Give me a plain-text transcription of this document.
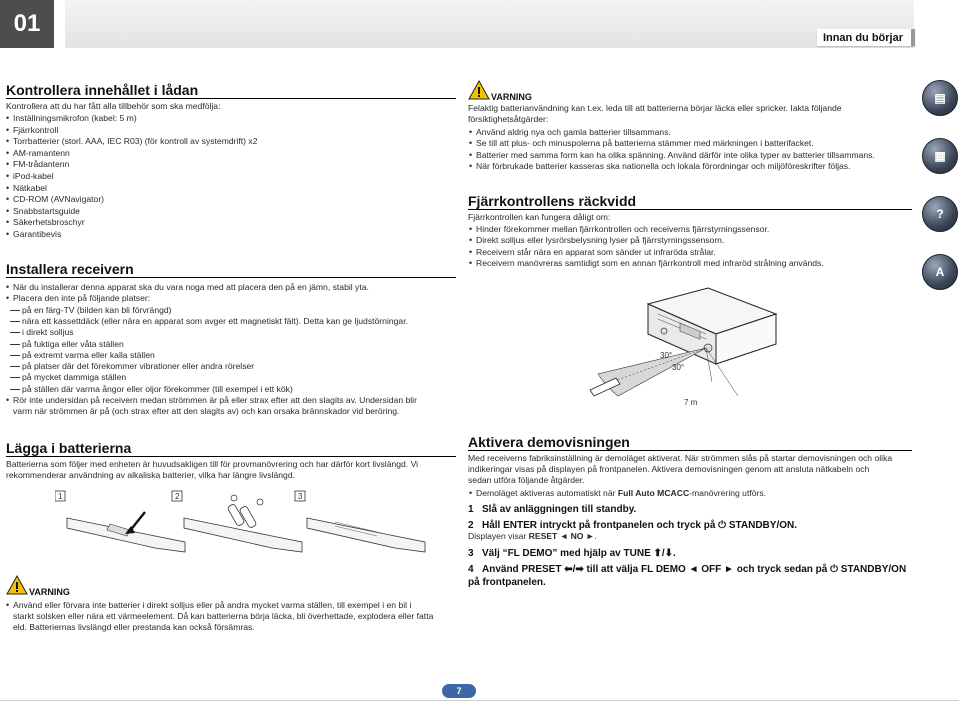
01
Innan du börjar
▤
▦
?
A
Kontrollera innehållet i lådan
Kontrollera att du har fått alla tillbehör som ska medfölja:
• Inställningsmikrofon (kabel: 5 m)
• Fjärrkontroll
• Torrbatterier (storl. AAA, IEC R03) (för kontroll av systemdrift) x2
• AM-ramantenn
• FM-trådantenn
• iPod-kabel
• Nätkabel
• CD-ROM (AVNavigator)
• Snabbstartsguide
• Säkerhetsbroschyr
• Garantibevis
Installera receivern
• När du installerar denna apparat ska du vara noga med att placera den på en jämn, stabil yta.
• Placera den inte på följande platser:
på en färg-TV (bilden kan bli förvrängd)
nära ett kassettdäck (eller nära en apparat som avger ett magnetiskt fält). Detta kan ge ljudstörningar.
i direkt solljus
på fuktiga eller våta ställen
på extremt varma eller kalla ställen
på platser där det förekommer vibrationer eller andra rörelser
på mycket dammiga ställen
på ställen där varma ångor eller oljor förekommer (till exempel i ett kök)
• Rör inte undersidan på receivern medan strömmen är på eller strax efter att den slagits av. Undersidan blir
varm när strömmen är på (och strax efter att den slagits av) och kan orsaka brännskador vid beröring.
Lägga i batterierna
Batterierna som följer med enheten är huvudsakligen till för provmanövrering och har därför kort livslängd. Vi
rekommenderar användning av alkaliska batterier, vilka har längre livslängd.
1	2	3
VARNING
• Använd eller förvara inte batterier i direkt solljus eller på andra mycket varma ställen, till exempel i en bil i
starkt solsken eller nära ett värmeelement. Då kan batterierna börja läcka, bli överhettade, explodera eller fatta
eld. Batteriernas livslängd eller prestanda kan också försämras.
VARNING
Felaktig batterianvändning kan t.ex. leda till att batterierna börjar läcka eller spricker. Iakta följande
försiktighetsåtgärder:
• Använd aldrig nya och gamla batterier tillsammans.
• Se till att plus- och minuspolerna på batterierna stämmer med märkningen i batterifacket.
• Batterier med samma form kan ha olika spänning. Använd därför inte olika typer av batterier tillsammans.
• När förbrukade batterier kasseras ska nationella och lokala förordningar och miljöföreskrifter följas.
Fjärrkontrollens räckvidd
Fjärrkontrollen kan fungera dåligt om:
• Hinder förekommer mellan fjärrkontrollen och receiverns fjärrstyrningssensor.
• Direkt solljus eller lysrörsbelysning lyser på fjärrstyrningssensorn.
• Receivern står nära en apparat som sänder ut infraröda strålar.
• Receivern manövreras samtidigt som en annan fjärrkontroll med infraröd strålning används.
30°
30°
7 m
Aktivera demovisningen
Med receiverns fabriksinställning är demoläget aktiverat. När strömmen slås på startar demovisningen och olika
indikeringar visas på displayen på frontpanelen. Aktivera demovisningen genom att ansluta nätkabeln och
sedan utföra följande åtgärder.
• Demoläget aktiveras automatiskt när Full Auto MCACC-manövrering utförs.
1 Slå av anläggningen till standby.
2 Håll ENTER intryckt på frontpanelen och tryck på ⏻ STANDBY/ON.
Displayen visar RESET ◄ NO ►.
3 Välj “FL DEMO” med hjälp av TUNE ⬆/⬇.
4 Använd PRESET ⬅/➡ till att välja FL DEMO ◄ OFF ► och tryck sedan på ⏻ STANDBY/ON
på frontpanelen.
7
